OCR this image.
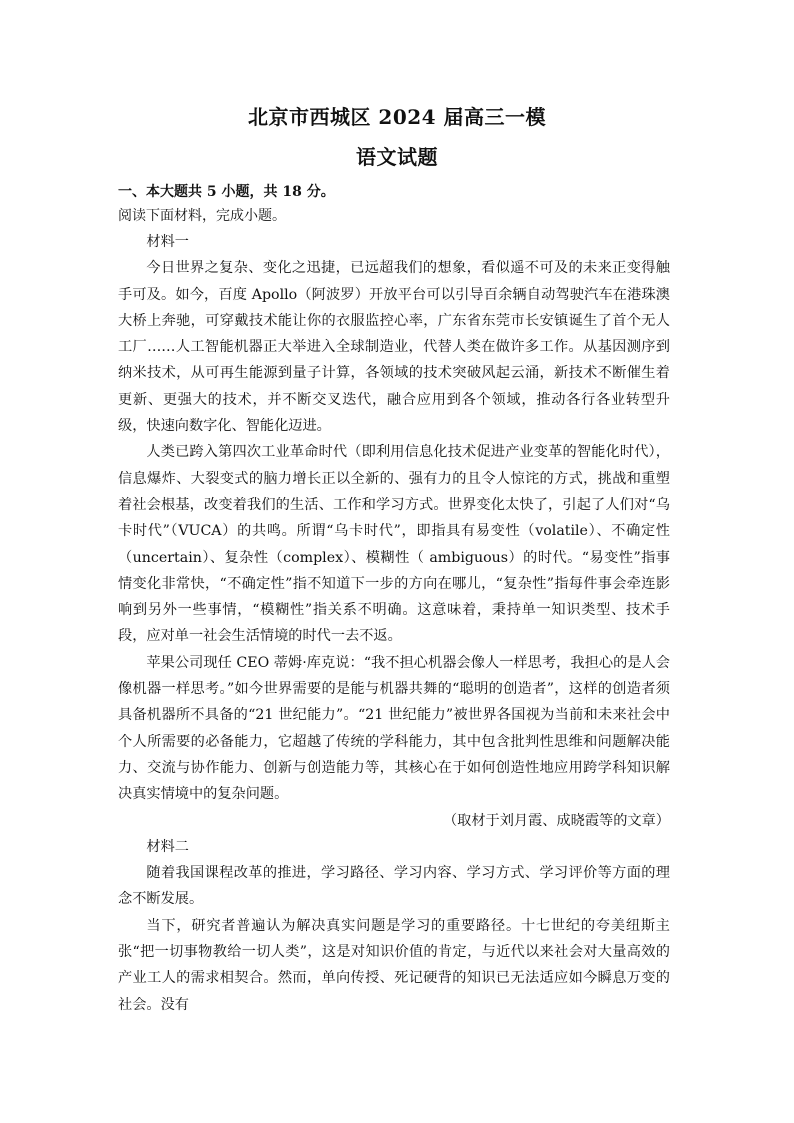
北京市西城区 2024 届高三一模
语文试题
一、本大题共 5 小题，共 18 分。
阅读下面材料，完成小题。

材料一

今日世界之复杂、变化之迅捷，已远超我们的想象，看似遥不可及的未来正变得触手可及。如今，百度 Apollo（阿波罗）开放平台可以引导百余辆自动驾驶汽车在港珠澳大桥上奔驰，可穿戴技术能让你的衣服监控心率，广东省东莞市长安镇诞生了首个无人工厂……人工智能机器正大举进入全球制造业，代替人类在做许多工作。从基因测序到纳米技术，从可再生能源到量子计算，各领域的技术突破风起云涌，新技术不断催生着更新、更强大的技术，并不断交叉迭代，融合应用到各个领域，推动各行各业转型升级，快速向数字化、智能化迈进。

人类已跨入第四次工业革命时代（即利用信息化技术促进产业变革的智能化时代），信息爆炸、大裂变式的脑力增长正以全新的、强有力的且令人惊诧的方式，挑战和重塑着社会根基，改变着我们的生活、工作和学习方式。世界变化太快了，引起了人们对“乌卡时代”（VUCA）的共鸣。所谓“乌卡时代”，即指具有易变性（volatile）、不确定性（uncertain）、复杂性（complex）、模糊性（ ambiguous）的时代。“易变性”指事情变化非常快，“不确定性”指不知道下一步的方向在哪儿，“复杂性”指每件事会牵连影响到另外一些事情，“模糊性”指关系不明确。这意味着，秉持单一知识类型、技术手段，应对单一社会生活情境的时代一去不返。

苹果公司现任 CEO 蒂姆·库克说：“我不担心机器会像人一样思考，我担心的是人会像机器一样思考。”如今世界需要的是能与机器共舞的“聪明的创造者”，这样的创造者须具备机器所不具备的“21 世纪能力”。“21 世纪能力”被世界各国视为当前和未来社会中个人所需要的必备能力，它超越了传统的学科能力，其中包含批判性思维和问题解决能力、交流与协作能力、创新与创造能力等，其核心在于如何创造性地应用跨学科知识解决真实情境中的复杂问题。

（取材于刘月霞、成晓霞等的文章）

材料二

随着我国课程改革的推进，学习路径、学习内容、学习方式、学习评价等方面的理念不断发展。

当下，研究者普遍认为解决真实问题是学习的重要路径。十七世纪的夸美纽斯主张“把一切事物教给一切人类”，这是对知识价值的肯定，与近代以来社会对大量高效的产业工人的需求相契合。然而，单向传授、死记硬背的知识已无法适应如今瞬息万变的社会。没有
